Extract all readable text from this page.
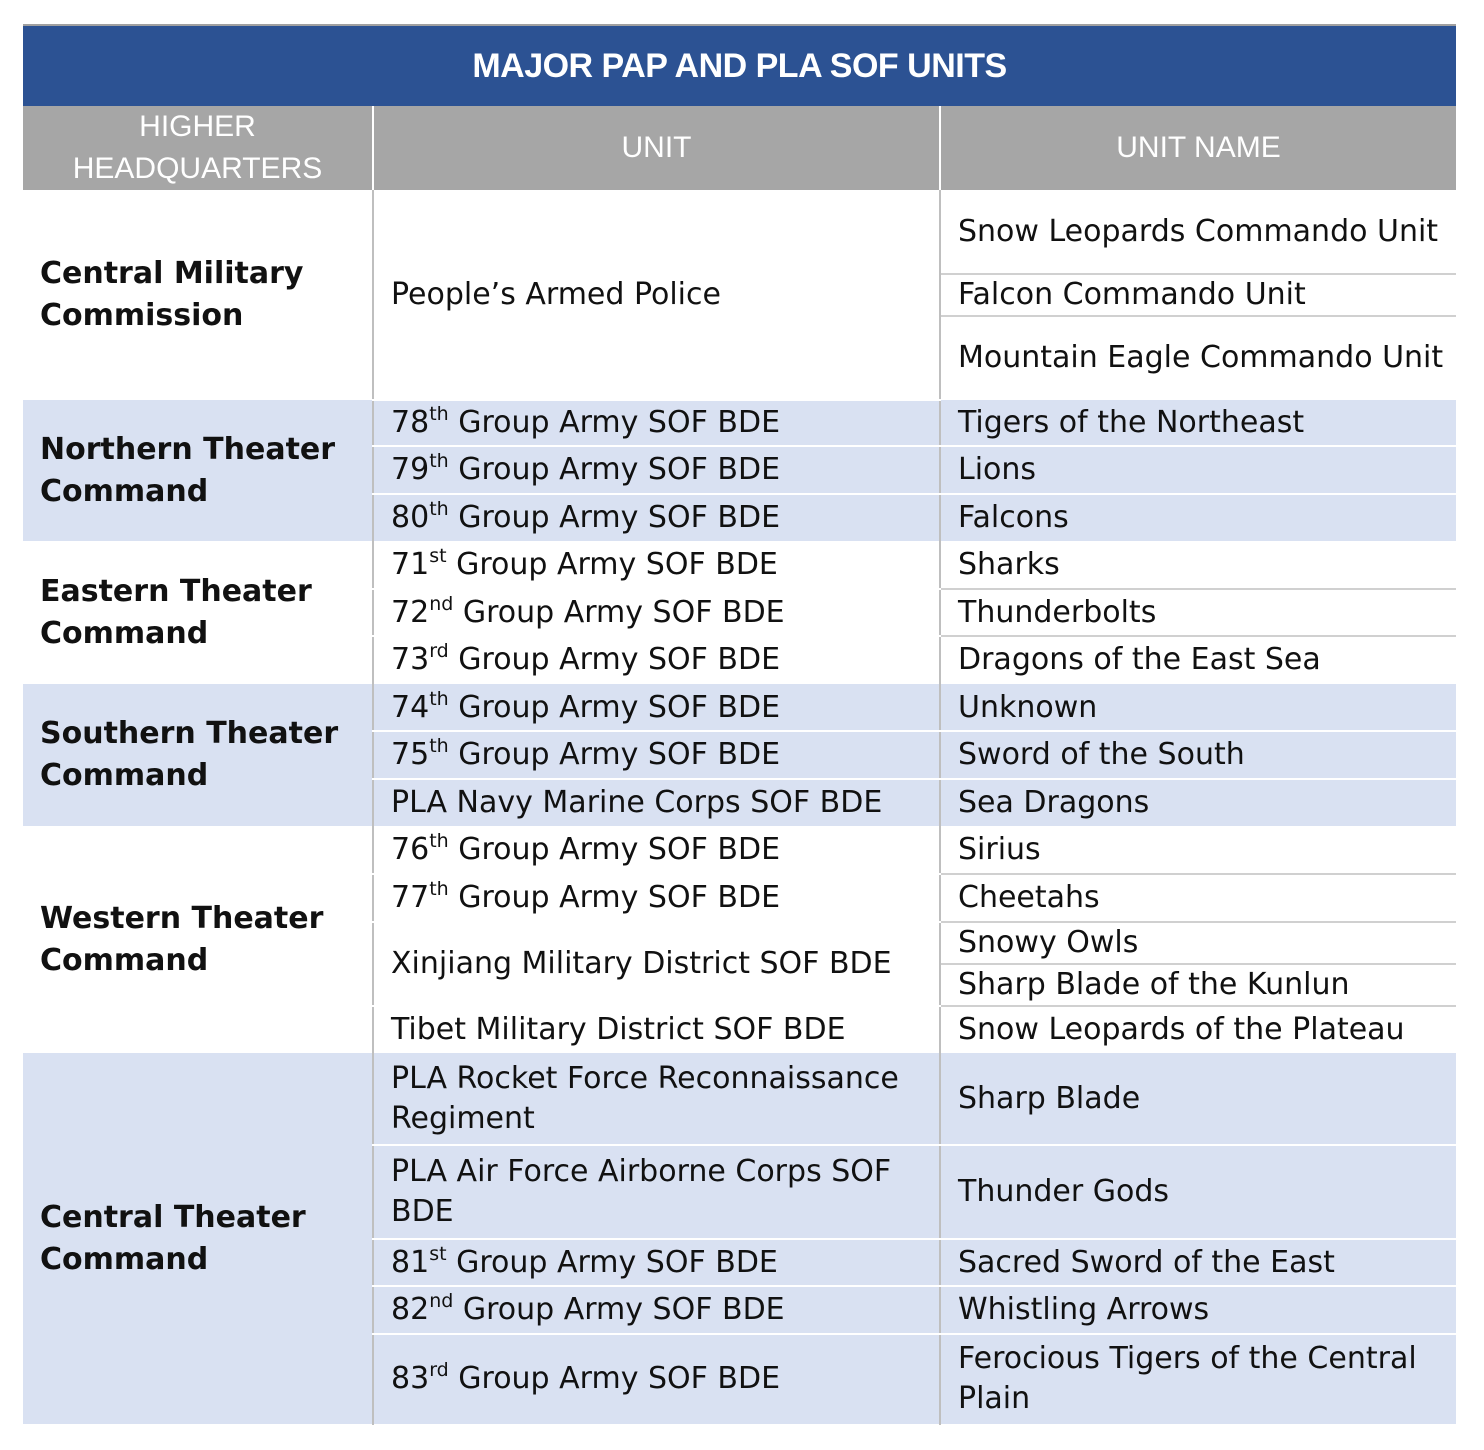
MAJOR PAP AND PLA SOF UNITS		
HIGHER HEADQUARTERS	UNIT	UNIT NAME
Central Military Commission	People’s Armed Police	Snow Leopards Commando Unit
		Falcon Commando Unit
		Mountain Eagle Commando Unit
Northern Theater Command	78th Group Army SOF BDE	Tigers of the Northeast
	79th Group Army SOF BDE	Lions
	80th Group Army SOF BDE	Falcons
Eastern Theater Command	71st Group Army SOF BDE	Sharks
	72nd Group Army SOF BDE	Thunderbolts
	73rd Group Army SOF BDE	Dragons of the East Sea
Southern Theater Command	74th Group Army SOF BDE	Unknown
	75th Group Army SOF BDE	Sword of the South
	PLA Navy Marine Corps SOF BDE	Sea Dragons
Western Theater Command	76th Group Army SOF BDE	Sirius
	77th Group Army SOF BDE	Cheetahs
	Xinjiang Military District SOF BDE	Snowy Owls
		Sharp Blade of the Kunlun
	Tibet Military District SOF BDE	Snow Leopards of the Plateau
Central Theater Command	PLA Rocket Force Reconnaissance Regiment	Sharp Blade
	PLA Air Force Airborne Corps SOF BDE	Thunder Gods
	81st Group Army SOF BDE	Sacred Sword of the East
	82nd Group Army SOF BDE	Whistling Arrows
	83rd Group Army SOF BDE	Ferocious Tigers of the Central Plain
